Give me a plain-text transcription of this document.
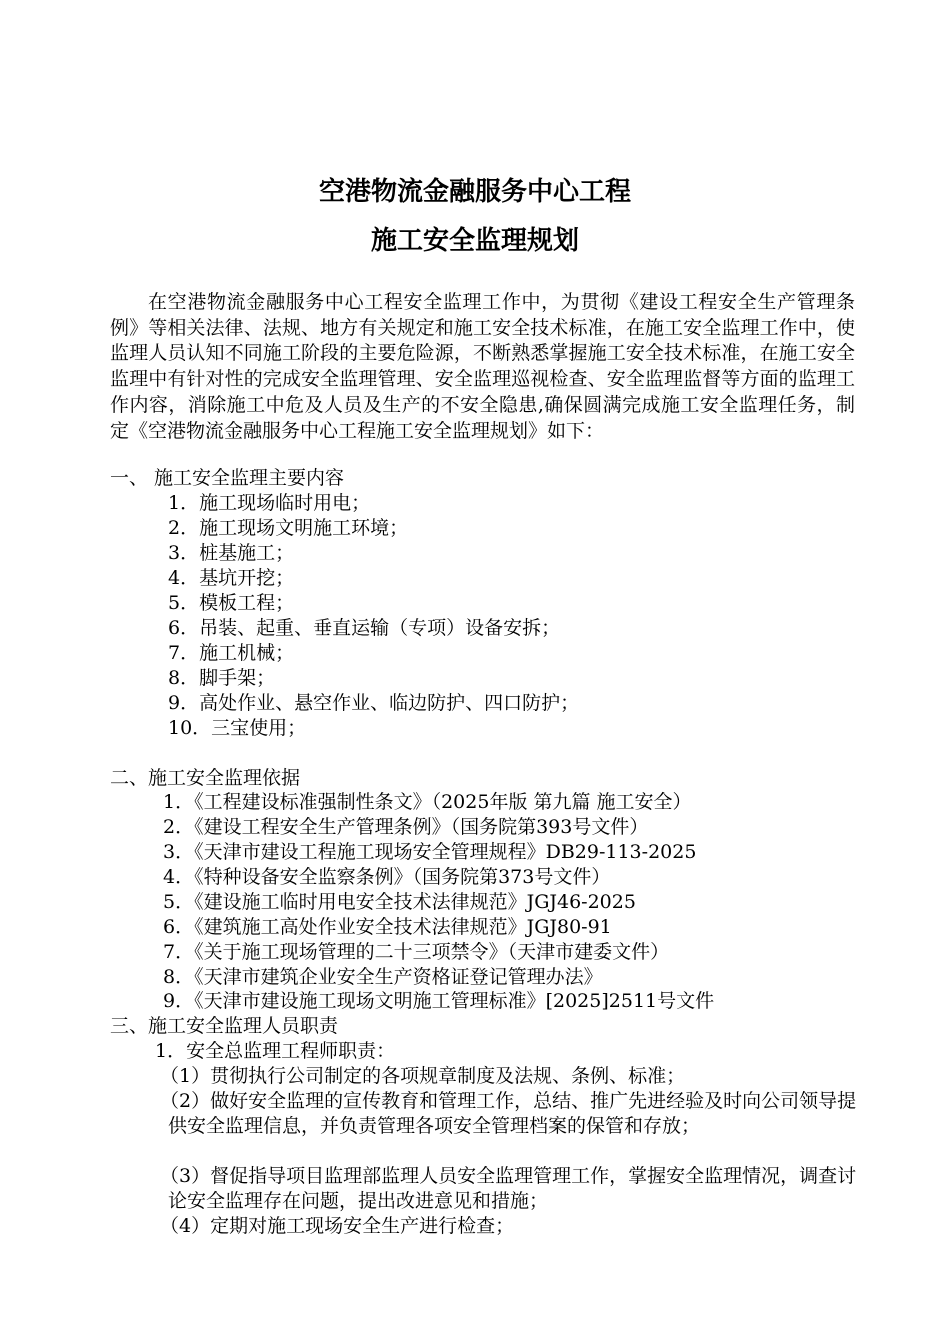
空港物流金融服务中心工程
施工安全监理规划

在空港物流金融服务中心工程安全监理工作中，为贯彻《建设工程安全生产管理条例》等相关法律、法规、地方有关规定和施工安全技术标准，在施工安全监理工作中，使监理人员认知不同施工阶段的主要危险源，不断熟悉掌握施工安全技术标准，在施工安全监理中有针对性的完成安全监理管理、安全监理巡视检查、安全监理监督等方面的监理工作内容，消除施工中危及人员及生产的不安全隐患,确保圆满完成施工安全监理任务，制定《空港物流金融服务中心工程施工安全监理规划》如下：

一、 施工安全监理主要内容
1．施工现场临时用电；
2．施工现场文明施工环境；
3．桩基施工；
4．基坑开挖；
5．模板工程；
6．吊装、起重、垂直运输（专项）设备安拆；
7．施工机械；
8．脚手架；
9．高处作业、悬空作业、临边防护、四口防护；
10．三宝使用；
二、施工安全监理依据
1．《工程建设标准强制性条文》（2025年版 第九篇 施工安全）
2．《建设工程安全生产管理条例》（国务院第393号文件）
3．《天津市建设工程施工现场安全管理规程》DB29-113-2025
4．《特种设备安全监察条例》（国务院第373号文件）
5．《建设施工临时用电安全技术法律规范》JGJ46-2025
6．《建筑施工高处作业安全技术法律规范》JGJ80-91
7．《关于施工现场管理的二十三项禁令》（天津市建委文件）
8．《天津市建筑企业安全生产资格证登记管理办法》
9．《天津市建设施工现场文明施工管理标准》[2025]2511号文件
三、施工安全监理人员职责
1．安全总监理工程师职责：
（1）贯彻执行公司制定的各项规章制度及法规、条例、标准；

（2）做好安全监理的宣传教育和管理工作，总结、推广先进经验及时向公司领导提供安全监理信息，并负责管理各项安全管理档案的保管和存放；

（3）督促指导项目监理部监理人员安全监理管理工作，掌握安全监理情况，调查讨论安全监理存在问题，提出改进意见和措施；

（4）定期对施工现场安全生产进行检查；
